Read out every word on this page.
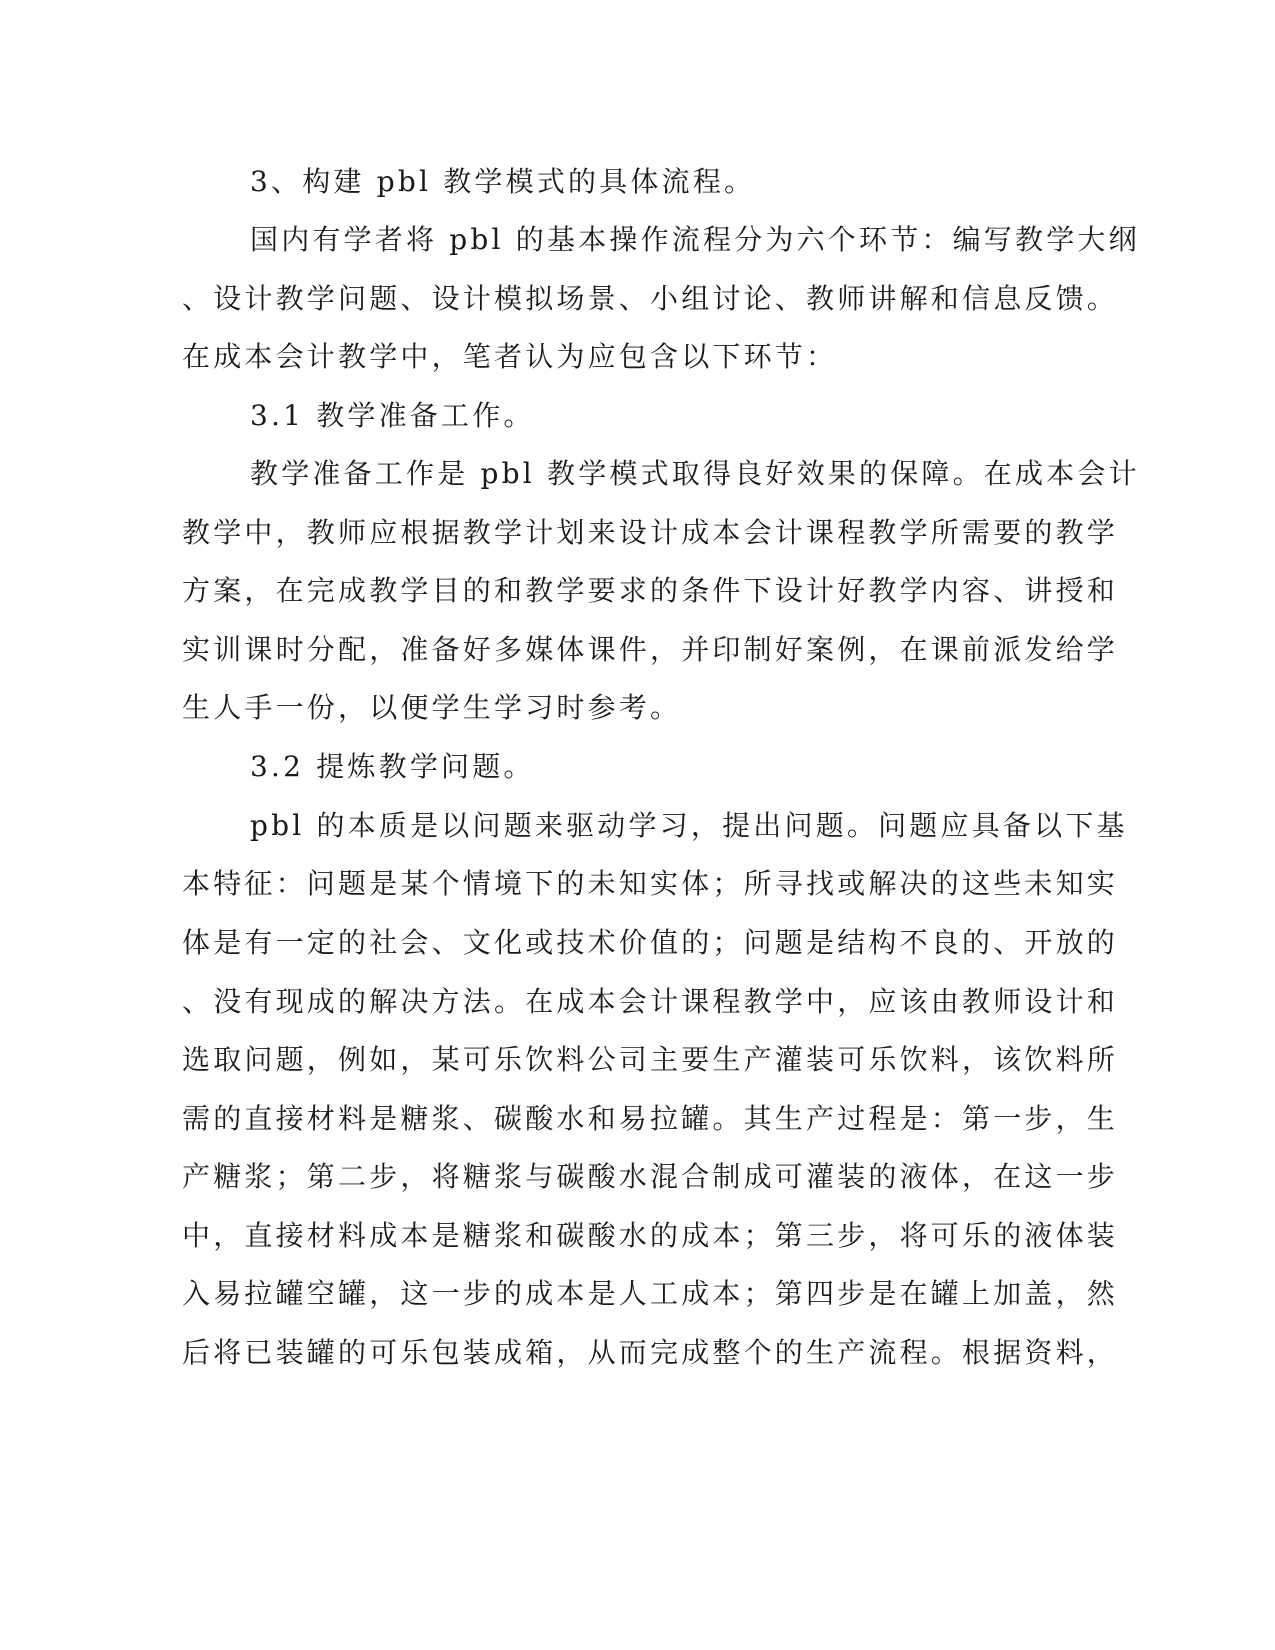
3、构建 pbl 教学模式的具体流程。

国内有学者将 pbl 的基本操作流程分为六个环节：编写教学大纲

、设计教学问题、设计模拟场景、小组讨论、教师讲解和信息反馈。

在成本会计教学中，笔者认为应包含以下环节：

3.1 教学准备工作。

教学准备工作是 pbl 教学模式取得良好效果的保障。在成本会计

教学中，教师应根据教学计划来设计成本会计课程教学所需要的教学

方案，在完成教学目的和教学要求的条件下设计好教学内容、讲授和

实训课时分配，准备好多媒体课件，并印制好案例，在课前派发给学

生人手一份，以便学生学习时参考。

3.2 提炼教学问题。

pbl 的本质是以问题来驱动学习，提出问题。问题应具备以下基

本特征：问题是某个情境下的未知实体；所寻找或解决的这些未知实

体是有一定的社会、文化或技术价值的；问题是结构不良的、开放的

、没有现成的解决方法。在成本会计课程教学中，应该由教师设计和

选取问题，例如，某可乐饮料公司主要生产灌装可乐饮料，该饮料所

需的直接材料是糖浆、碳酸水和易拉罐。其生产过程是：第一步，生

产糖浆；第二步，将糖浆与碳酸水混合制成可灌装的液体，在这一步

中，直接材料成本是糖浆和碳酸水的成本；第三步，将可乐的液体装

入易拉罐空罐，这一步的成本是人工成本；第四步是在罐上加盖，然

后将已装罐的可乐包装成箱，从而完成整个的生产流程。根据资料，
